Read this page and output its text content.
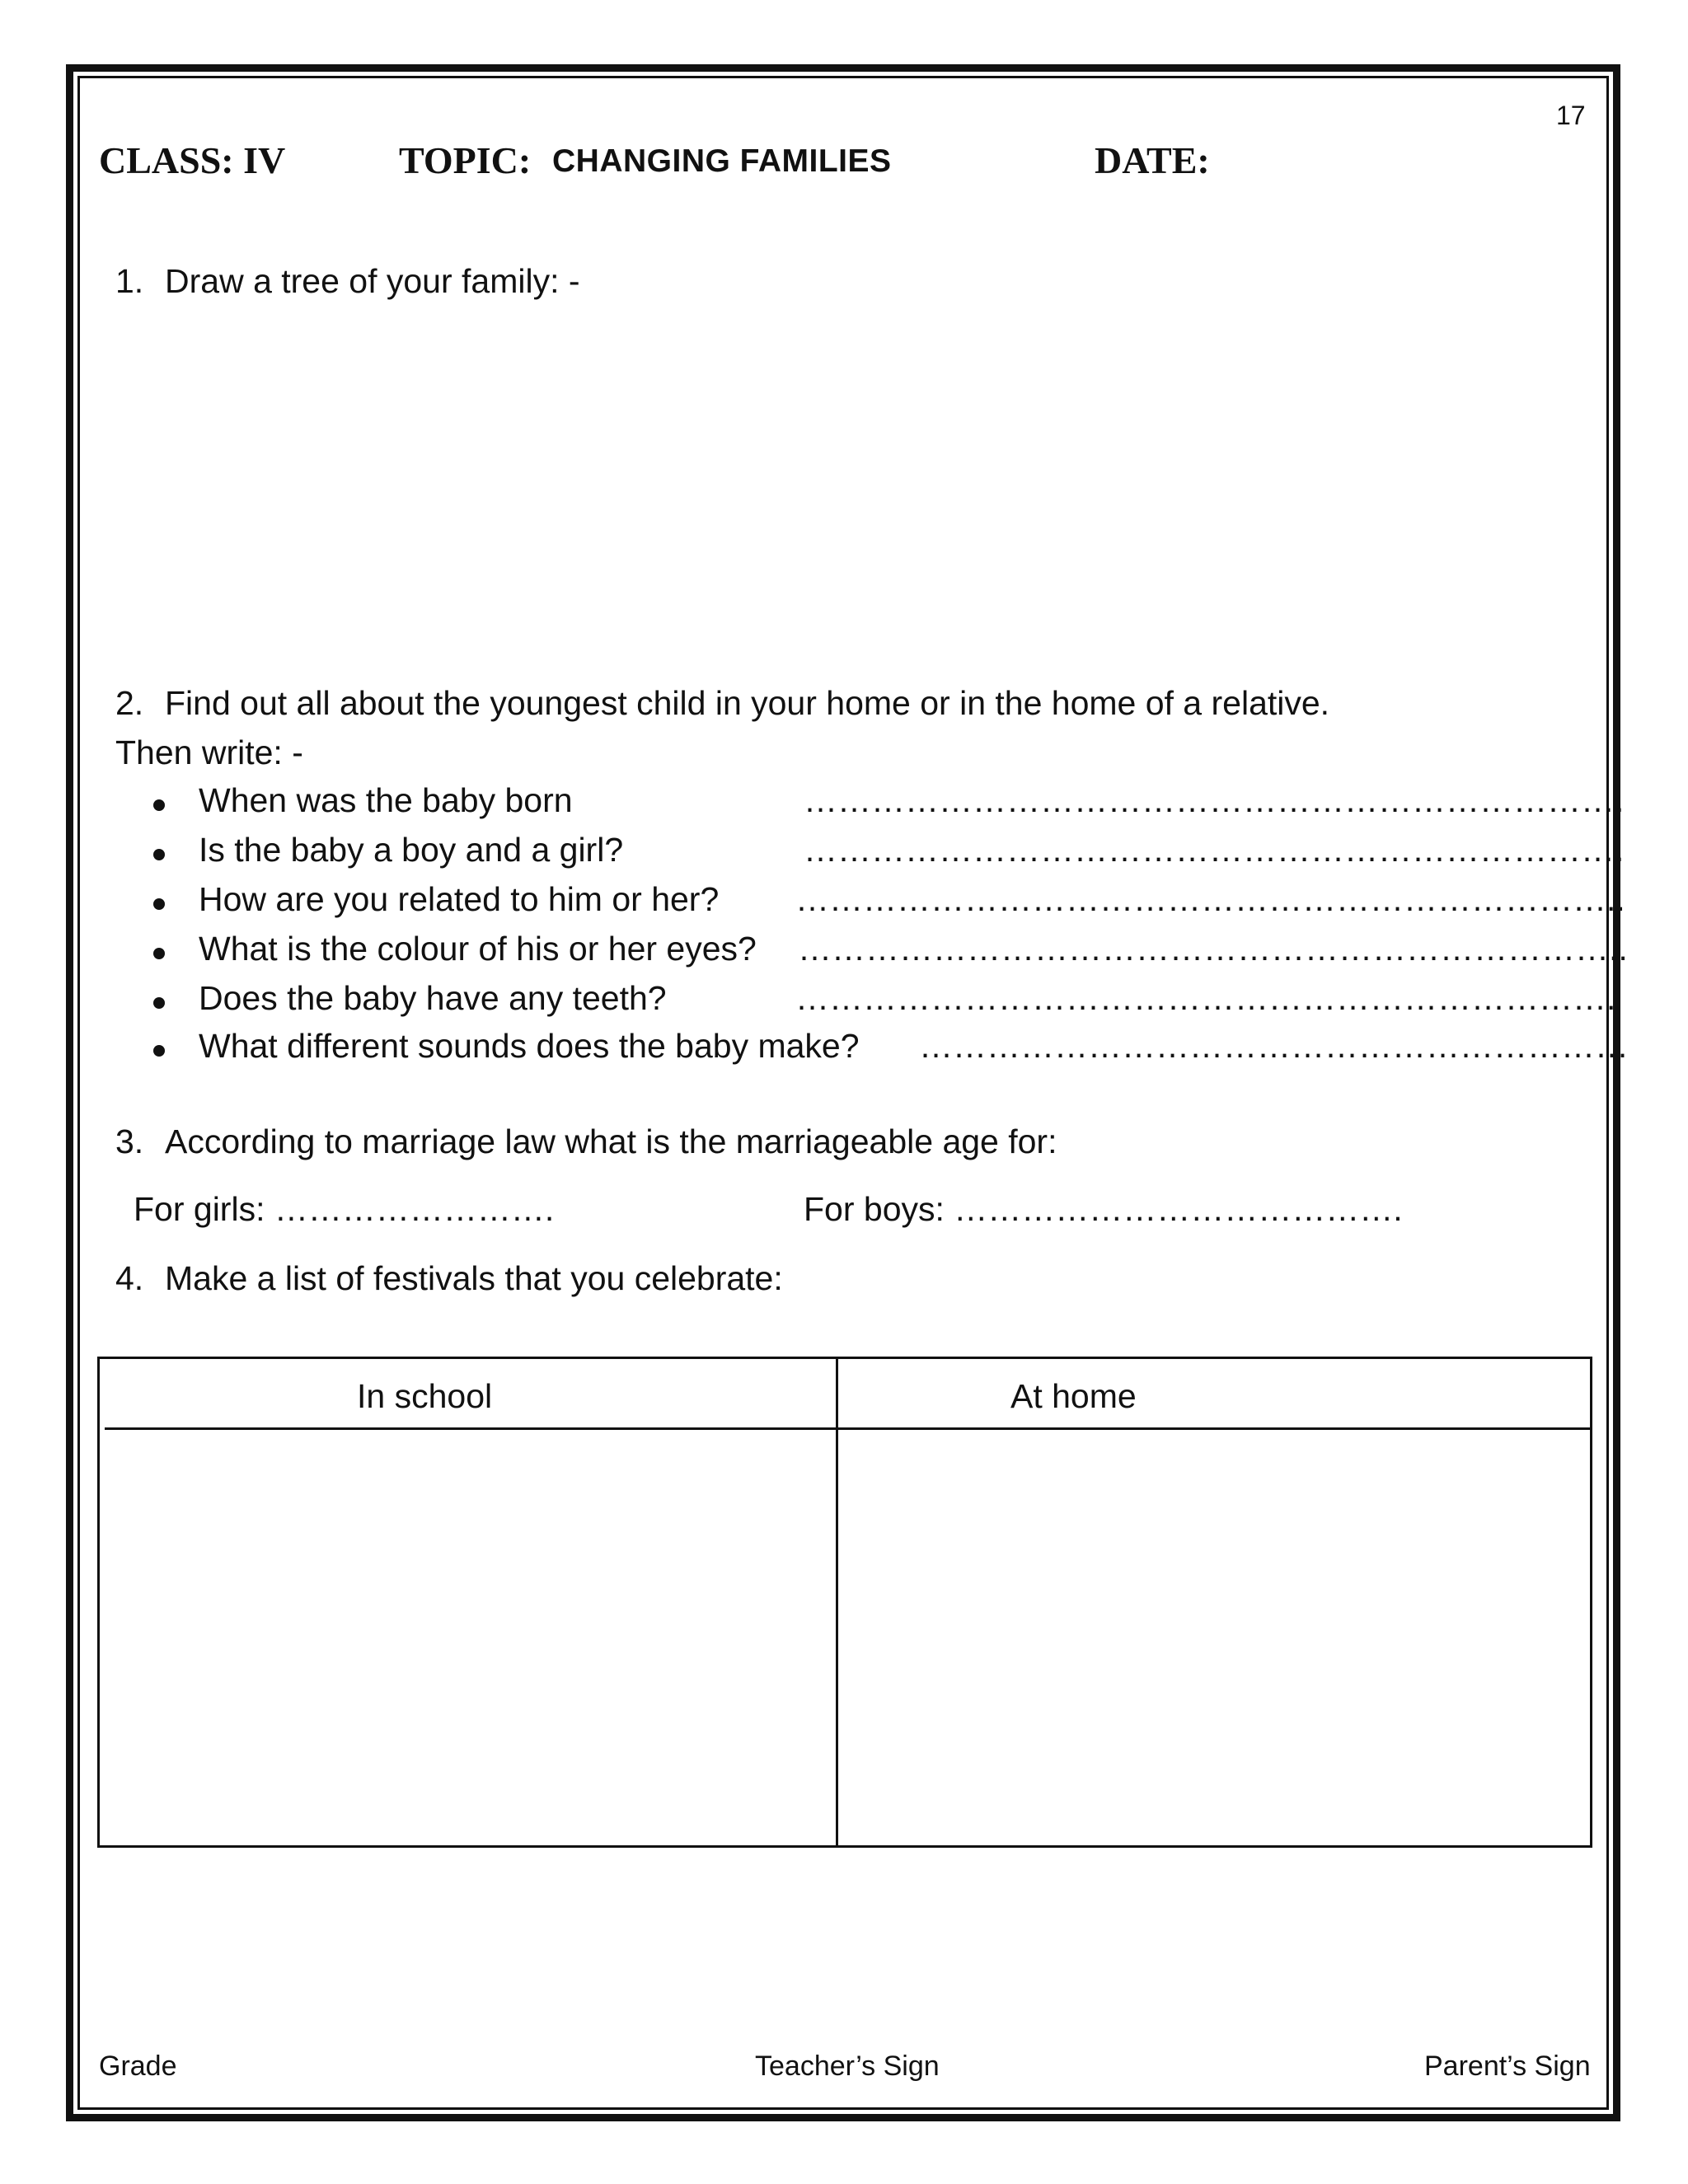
17
CLASS: IV	TOPIC: CHANGING FAMILIES	DATE:
1. Draw a tree of your family: -
2. Find out all about the youngest child in your home or in the home of a relative.
Then write: -
When was the baby born	……………………………………………………………….
Is the baby a boy and a girl?	……………………………………………………………….
How are you related to him or her? ………………………………………………………………..
What is the colour of his or her eyes? ………………………………………………………………..
Does the baby have any teeth?	……………………………………………………………….
What different sounds does the baby make? ………………………………………………………
3. According to marriage law what is the marriageable age for:
For girls: …………………….	For boys: ………………………………….
4. Make a list of festivals that you celebrate:
In school	At home
Grade	Teacher’s Sign	Parent’s Sign
